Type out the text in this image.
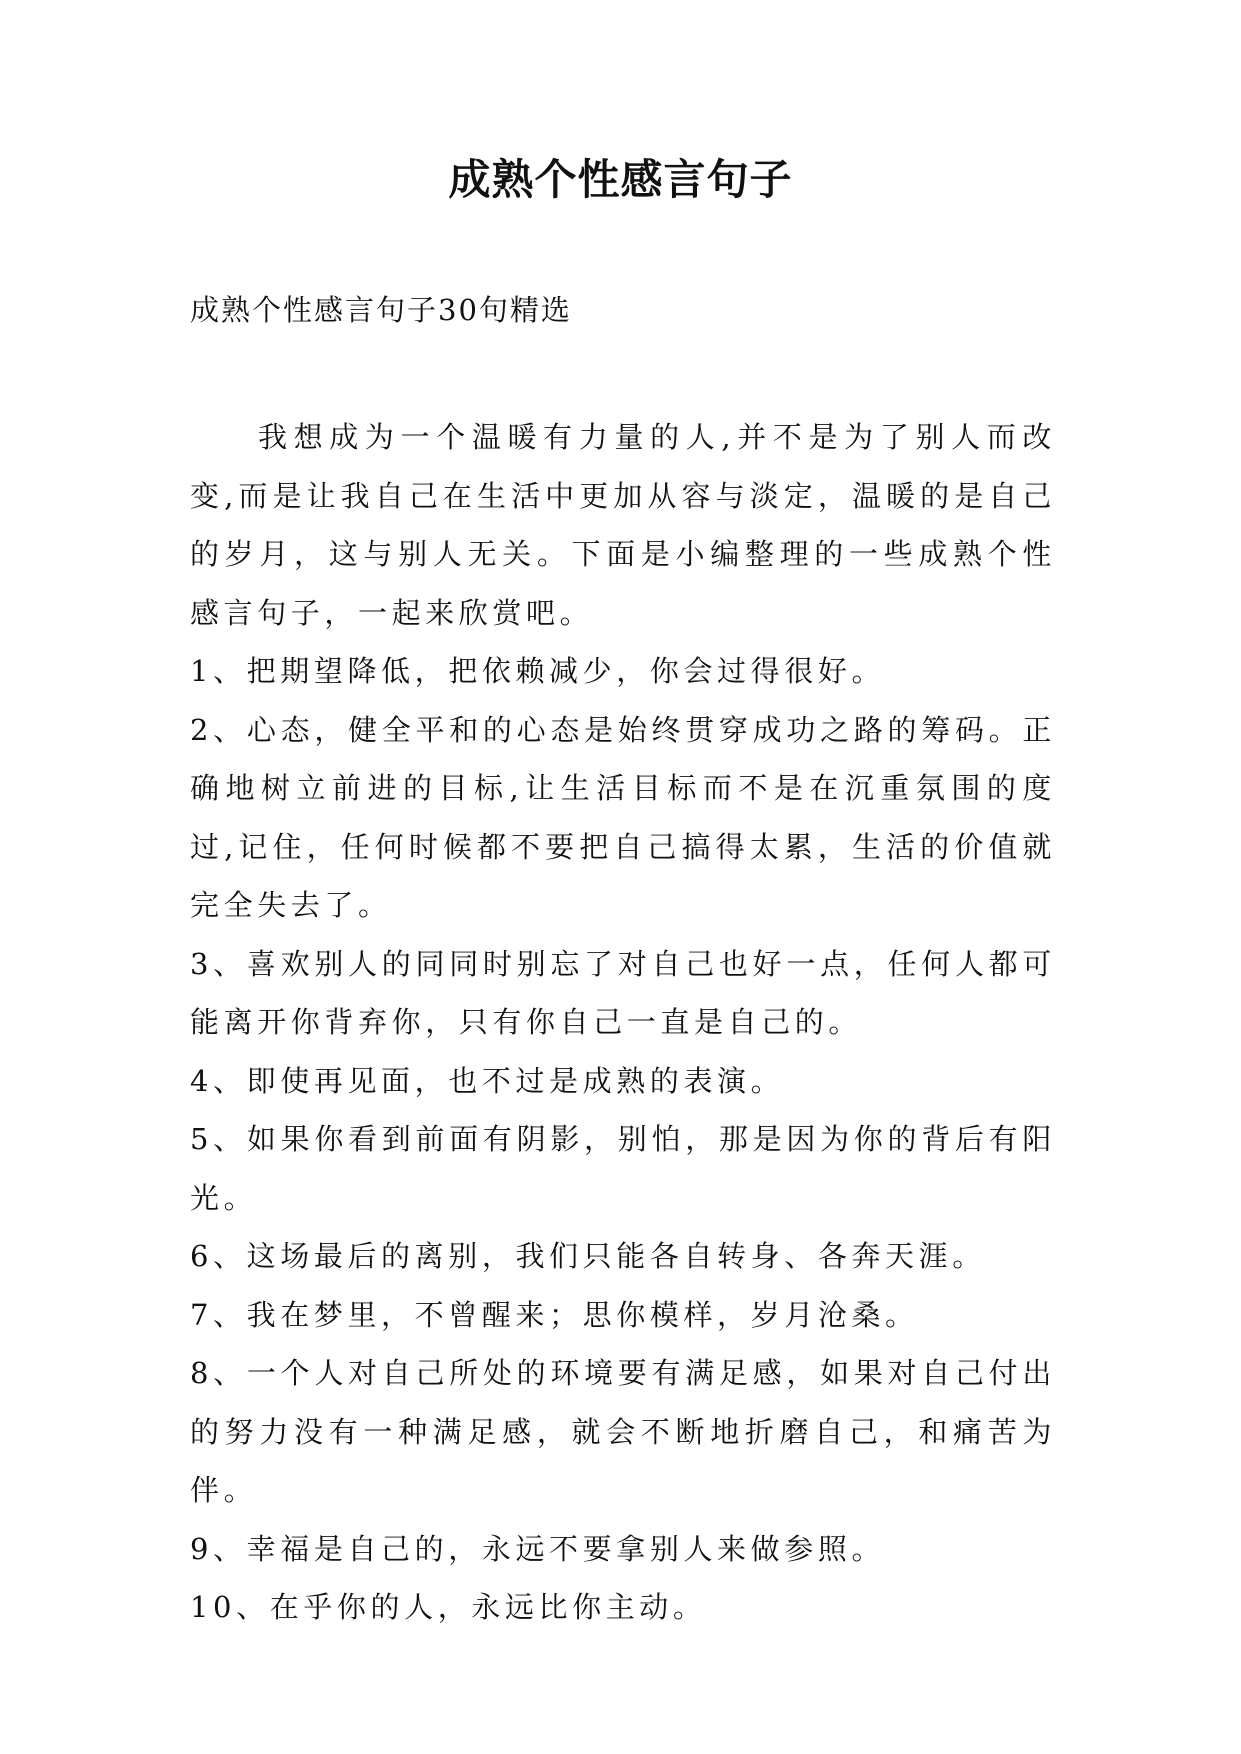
成熟个性感言句子
成熟个性感言句子30句精选

我想成为一个温暖有力量的人,并不是为了别人而改变,而是让我自己在生活中更加从容与淡定，温暖的是自己的岁月，这与别人无关。下面是小编整理的一些成熟个性感言句子，一起来欣赏吧。

1、把期望降低，把依赖减少，你会过得很好。

2、心态，健全平和的心态是始终贯穿成功之路的筹码。正确地树立前进的目标,让生活目标而不是在沉重氛围的度过,记住，任何时候都不要把自己搞得太累，生活的价值就完全失去了。

3、喜欢别人的同同时别忘了对自己也好一点，任何人都可能离开你背弃你，只有你自己一直是自己的。

4、即使再见面，也不过是成熟的表演。

5、如果你看到前面有阴影，别怕，那是因为你的背后有阳光。

6、这场最后的离别，我们只能各自转身、各奔天涯。

7、我在梦里，不曾醒来；思你模样，岁月沧桑。

8、一个人对自己所处的环境要有满足感，如果对自己付出的努力没有一种满足感，就会不断地折磨自己，和痛苦为伴。

9、幸福是自己的，永远不要拿别人来做参照。

10、在乎你的人，永远比你主动。
